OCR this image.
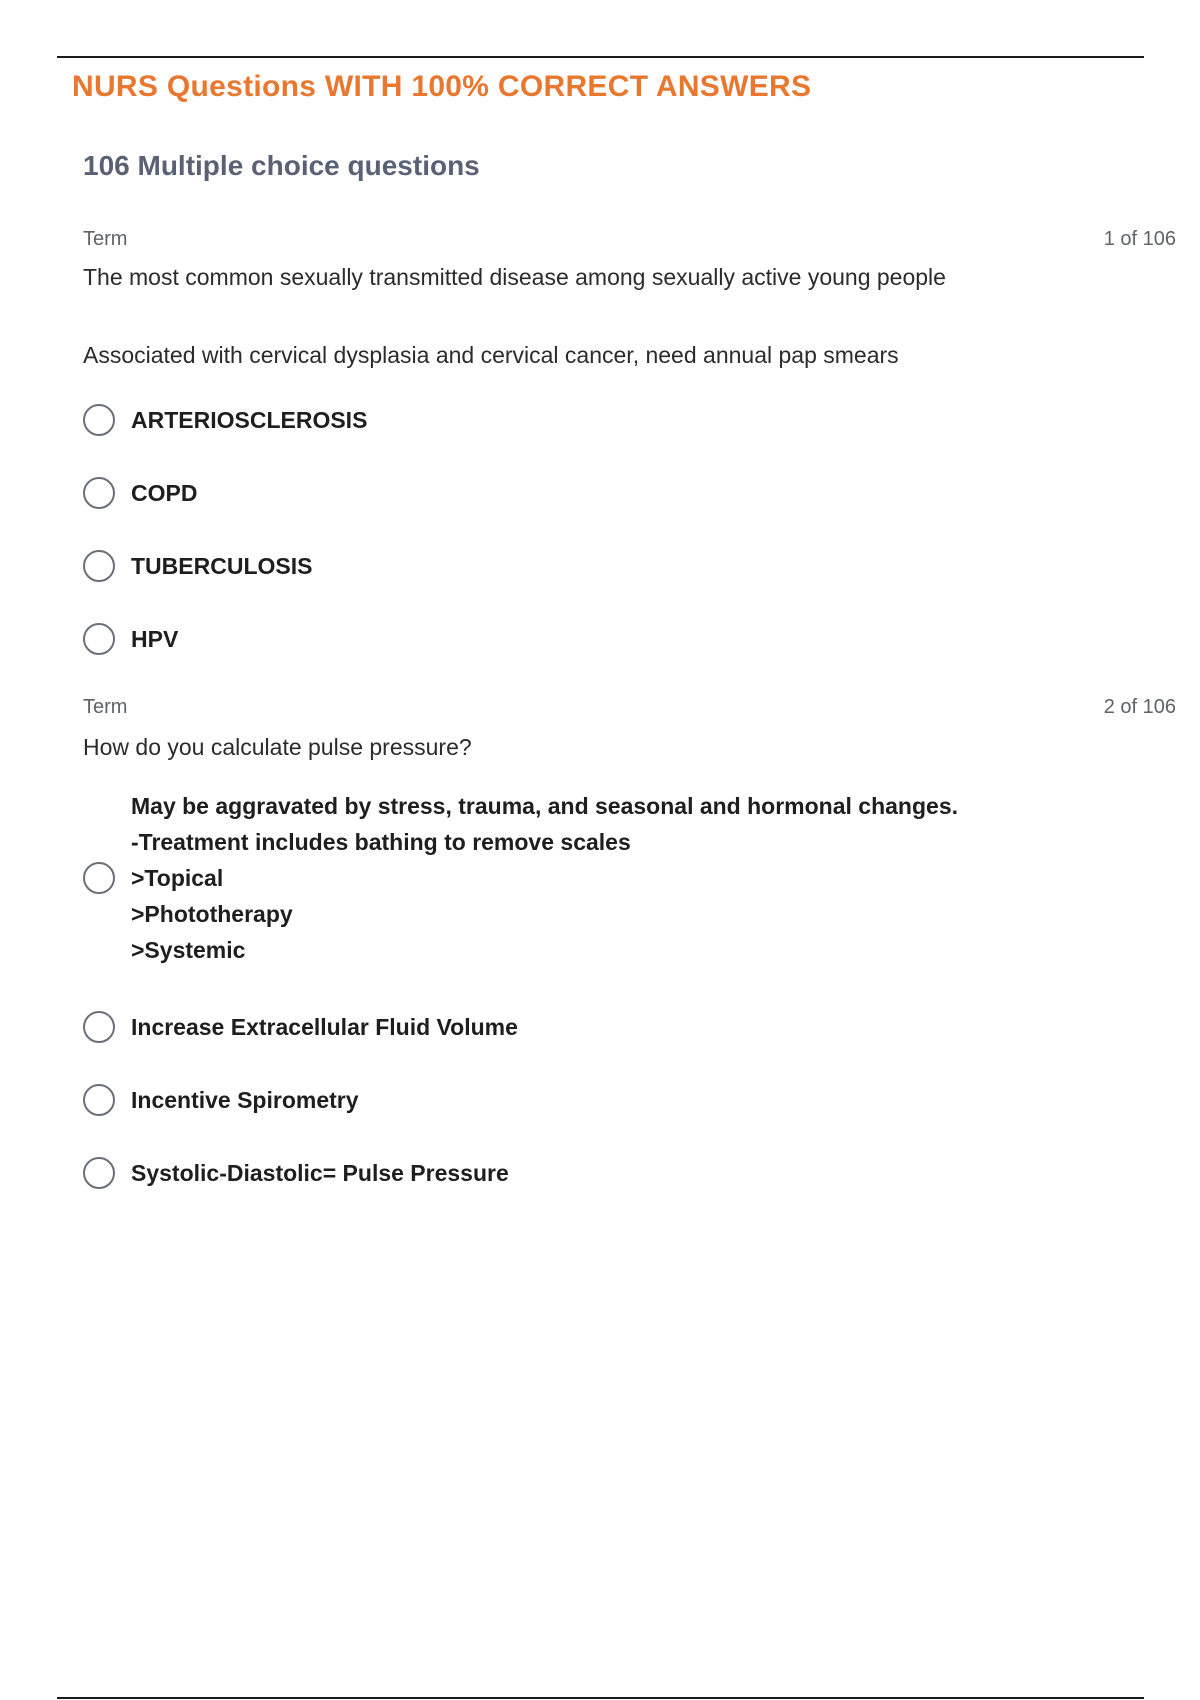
NURS Questions WITH 100% CORRECT ANSWERS
106 Multiple choice questions
Term	1 of 106
The most common sexually transmitted disease among sexually active young people
Associated with cervical dysplasia and cervical cancer, need annual pap smears
ARTERIOSCLEROSIS
COPD
TUBERCULOSIS
HPV
Term	2 of 106
How do you calculate pulse pressure?
May be aggravated by stress, trauma, and seasonal and hormonal changes.
-Treatment includes bathing to remove scales
>Topical
>Phototherapy
>Systemic
Increase Extracellular Fluid Volume
Incentive Spirometry
Systolic-Diastolic= Pulse Pressure
